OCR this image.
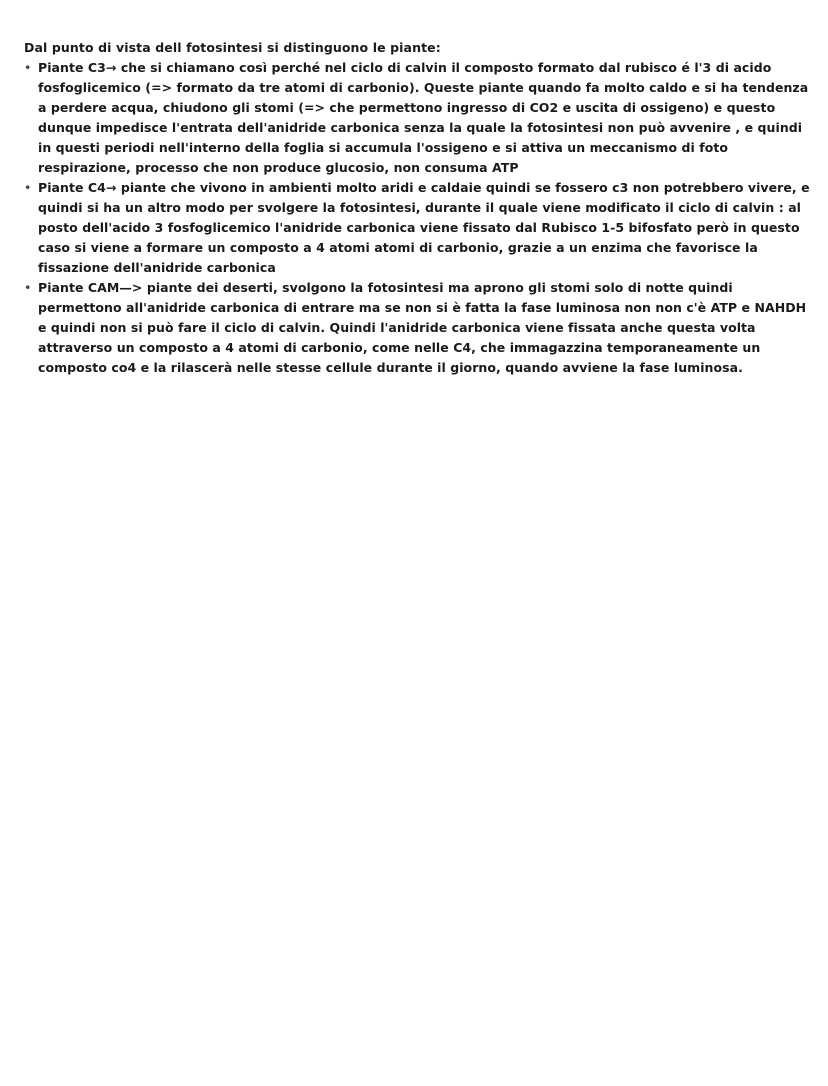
Dal punto di vista dell fotosintesi si distinguono le piante:

• Piante C3→ che si chiamano così perché nel ciclo di calvin il composto formato dal rubisco é l'3 di acido fosfoglicemico (=> formato da tre atomi di carbonio). Queste piante quando fa molto caldo e si ha tendenza a perdere acqua, chiudono gli stomi (=> che permettono ingresso di CO2 e uscita di ossigeno) e questo dunque impedisce l'entrata dell'anidride carbonica senza la quale la fotosintesi non può avvenire , e quindi in questi periodi nell'interno della foglia si accumula l'ossigeno e si attiva un meccanismo di foto respirazione, processo che non produce glucosio, non consuma ATP
• Piante C4→ piante che vivono in ambienti molto aridi e caldaie quindi se fossero c3 non potrebbero vivere, e quindi si ha un altro modo per svolgere la fotosintesi, durante il quale viene modificato il ciclo di calvin : al posto dell'acido 3 fosfoglicemico l'anidride carbonica viene fissato dal Rubisco 1-5 bifosfato però in questo caso si viene a formare un composto a 4 atomi atomi di carbonio, grazie a un enzima che favorisce la fissazione dell'anidride carbonica
• Piante CAM—> piante dei deserti, svolgono la fotosintesi ma aprono gli stomi solo di notte quindi permettono all'anidride carbonica di entrare ma se non si è fatta la fase luminosa non non c'è ATP e NAHDH e quindi non si può fare il ciclo di calvin. Quindi l'anidride carbonica viene fissata anche questa volta attraverso un composto a 4 atomi di carbonio, come nelle C4, che immagazzina temporaneamente un composto co4 e la rilascerà nelle stesse cellule durante il giorno, quando avviene la fase luminosa.
